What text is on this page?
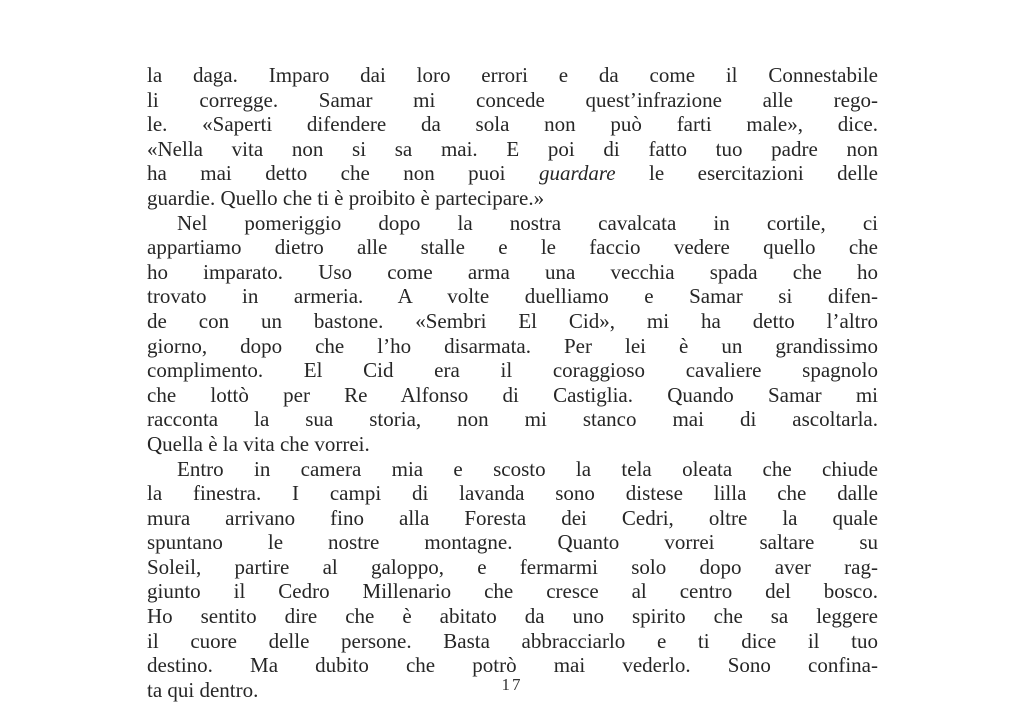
la daga. Imparo dai loro errori e da come il Connestabile
li corregge. Samar mi concede quest’infrazione alle rego-
le. «Saperti difendere da sola non può farti male», dice.
«Nella vita non si sa mai. E poi di fatto tuo padre non
ha mai detto che non puoi guardare le esercitazioni delle
guardie. Quello che ti è proibito è partecipare.»
Nel pomeriggio dopo la nostra cavalcata in cortile, ci
appartiamo dietro alle stalle e le faccio vedere quello che
ho imparato. Uso come arma una vecchia spada che ho
trovato in armeria. A volte duelliamo e Samar si difen-
de con un bastone. «Sembri El Cid», mi ha detto l’altro
giorno, dopo che l’ho disarmata. Per lei è un grandissimo
complimento. El Cid era il coraggioso cavaliere spagnolo
che lottò per Re Alfonso di Castiglia. Quando Samar mi
racconta la sua storia, non mi stanco mai di ascoltarla.
Quella è la vita che vorrei.
Entro in camera mia e scosto la tela oleata che chiude
la finestra. I campi di lavanda sono distese lilla che dalle
mura arrivano fino alla Foresta dei Cedri, oltre la quale
spuntano le nostre montagne. Quanto vorrei saltare su
Soleil, partire al galoppo, e fermarmi solo dopo aver rag-
giunto il Cedro Millenario che cresce al centro del bosco.
Ho sentito dire che è abitato da uno spirito che sa leggere
il cuore delle persone. Basta abbracciarlo e ti dice il tuo
destino. Ma dubito che potrò mai vederlo. Sono confina-
ta qui dentro.	17
